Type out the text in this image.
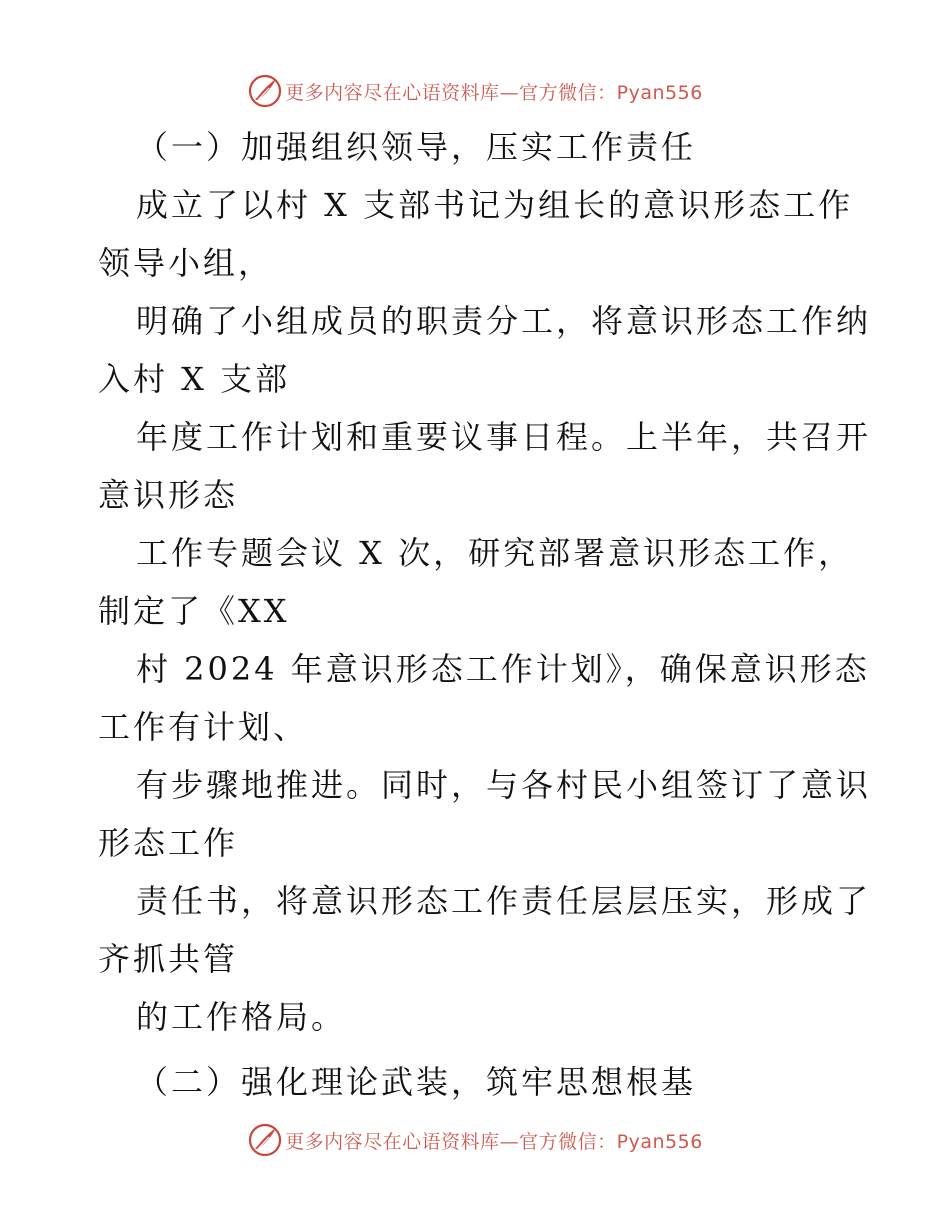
更多内容尽在心语资料库—官方微信：Pyan556
（一）加强组织领导，压实工作责任
成立了以村 X 支部书记为组长的意识形态工作
领导小组，
明确了小组成员的职责分工，将意识形态工作纳
入村 X 支部
年度工作计划和重要议事日程。上半年，共召开
意识形态
工作专题会议 X 次，研究部署意识形态工作，
制定了《XX
村 2024 年意识形态工作计划》，确保意识形态
工作有计划、
有步骤地推进。同时，与各村民小组签订了意识
形态工作
责任书，将意识形态工作责任层层压实，形成了
齐抓共管
的工作格局。
（二）强化理论武装，筑牢思想根基
更多内容尽在心语资料库—官方微信：Pyan556
